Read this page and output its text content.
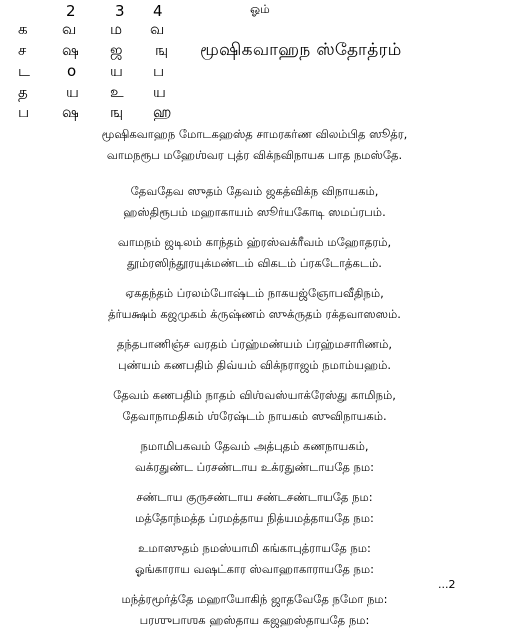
ஓம்
2	3 4
க வ ம வ
ச ஷ ஜ ஙு
ட o ய ப
த	ய உ ய
ப ஷ ஙு ஹ
மூஷிகவாஹந ஸ்தோத்ரம்
மூஷிகவாஹந மோடகஹஸ்த சாமரகர்ண விலம்பித ஸூத்ர,
வாமநரூப மஹேஶ்வர புத்ர விக்நவிநாயக பாத நமஸ்தே.
தேவதேவ ஸுதம் தேவம் ஜகத்விக்ந விநாயகம்,
ஹஸ்திரூபம் மஹாகாயம் ஸூர்யகோடி ஸமப்ரபம்.
வாமநம் ஜடிலம் காந்தம் ஹ்ரஸ்வக்ரீவம் மஹோதரம்,
தூம்ரஸிந்தூரயுக்மண்டம் விகடம் ப்ரகடோத்கடம்.
ஏகதந்தம் ப்ரலம்போஷ்டம் நாகயஜ்ஞோபவீதிநம்,
த்ர்யக்ஷம் கஜமுகம் க்ருஷ்ணம் ஸுக்ருதம் ரக்தவாஸஸம்.
தந்தபாணிஞ்ச வரதம் ப்ரஹ்மண்யம் ப்ரஹ்மசாரிணம்,
புண்யம் கணபதிம் திவ்யம் விக்நராஜம் நமாம்யஹம்.
தேவம் கணபதிம் நாதம் விஶ்வஸ்யாக்ரேஸ்து காமிநம்,
தேவாநாமதிகம் ஶ்ரேஷ்டம் நாயகம் ஸுவிநாயகம்.
நமாமிபகவம் தேவம் அத்புதம் கணநாயகம்,
வக்ரதுண்ட ப்ரசண்டாய உக்ரதுண்டாயதே நம:
சண்டாய குருசண்டாய சண்டசண்டாயதே நம:
மத்தோந்மத்த ப்ரமத்தாய நித்யமத்தாயதே நம:
உமாஸுதம் நமஸ்யாமி கங்காபுத்ராயதே நம:
ஓங்காராய வஷட்கார ஸ்வாஹாகாராயதே நம:
மந்த்ரமூர்த்தே மஹாயோகிந் ஜாதவேதே நமோ நம:
பரஶுபாஶக ஹஸ்தாய கஜஹஸ்தாயதே நம:
...2
